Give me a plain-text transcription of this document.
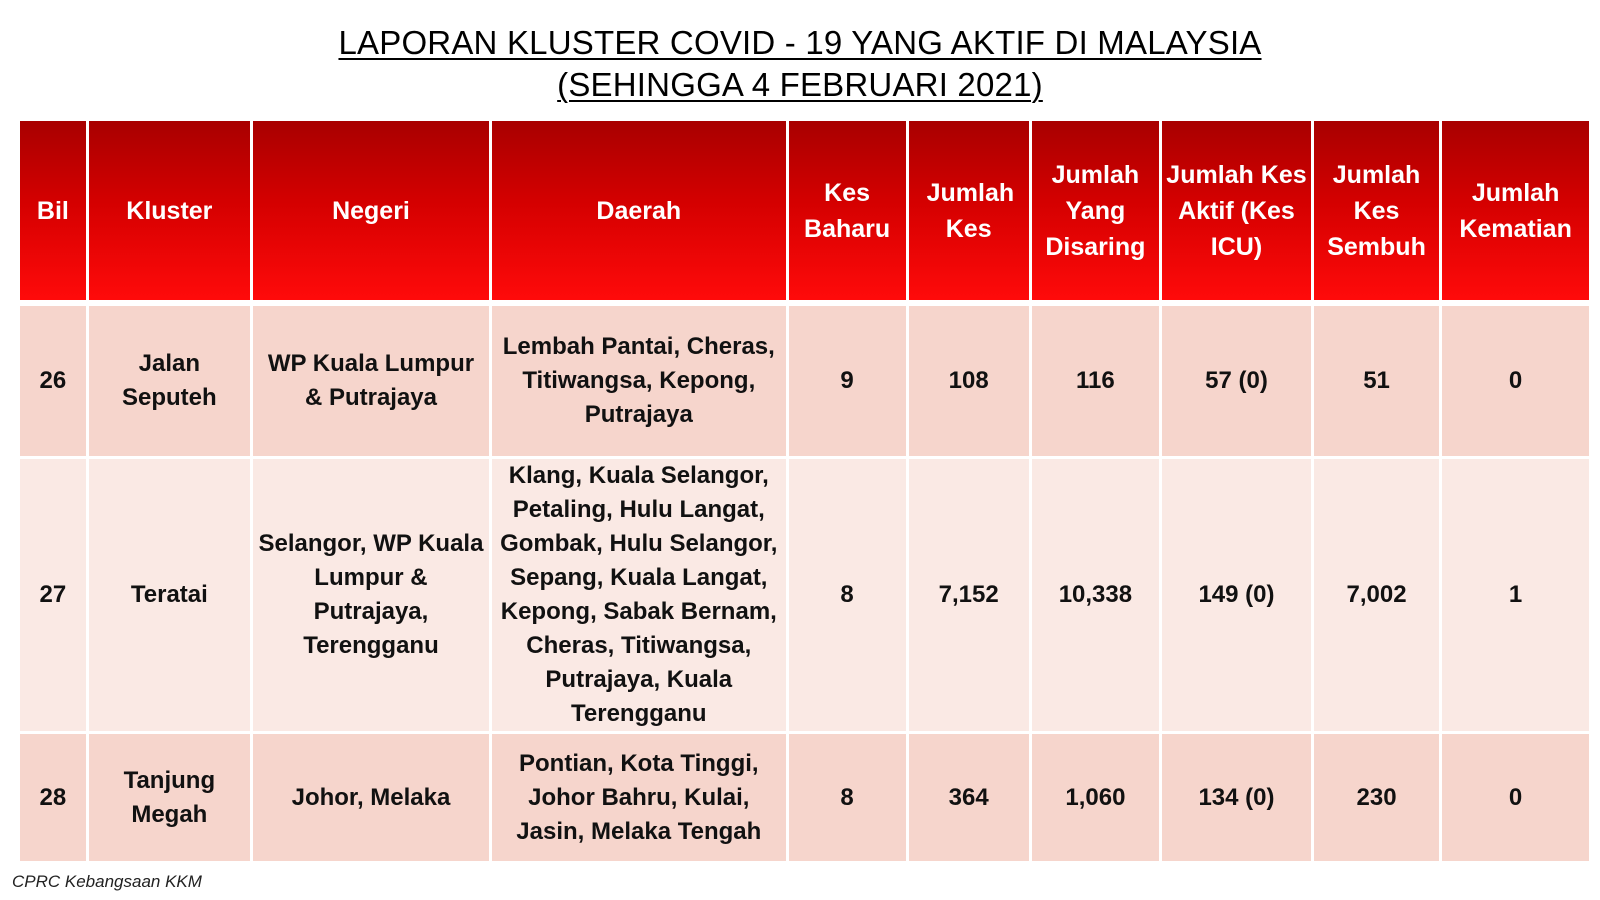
LAPORAN KLUSTER COVID - 19 YANG AKTIF DI MALAYSIA
(SEHINGGA 4 FEBRUARI 2021)
Bil	Kluster	Negeri	Daerah	Kes Baharu	Jumlah Kes	Jumlah Yang Disaring	Jumlah Kes Aktif (Kes ICU)	Jumlah Kes Sembuh	Jumlah Kematian
26	Jalan Seputeh	WP Kuala Lumpur & Putrajaya	Lembah Pantai, Cheras, Titiwangsa, Kepong, Putrajaya	9	108	116	57 (0)	51	0
27	Teratai	Selangor, WP Kuala Lumpur & Putrajaya, Terengganu	Klang, Kuala Selangor, Petaling, Hulu Langat, Gombak, Hulu Selangor, Sepang, Kuala Langat, Kepong, Sabak Bernam, Cheras, Titiwangsa, Putrajaya, Kuala Terengganu	8	7,152	10,338	149 (0)	7,002	1
28	Tanjung Megah	Johor, Melaka	Pontian, Kota Tinggi, Johor Bahru, Kulai, Jasin, Melaka Tengah	8	364	1,060	134 (0)	230	0
CPRC Kebangsaan KKM
